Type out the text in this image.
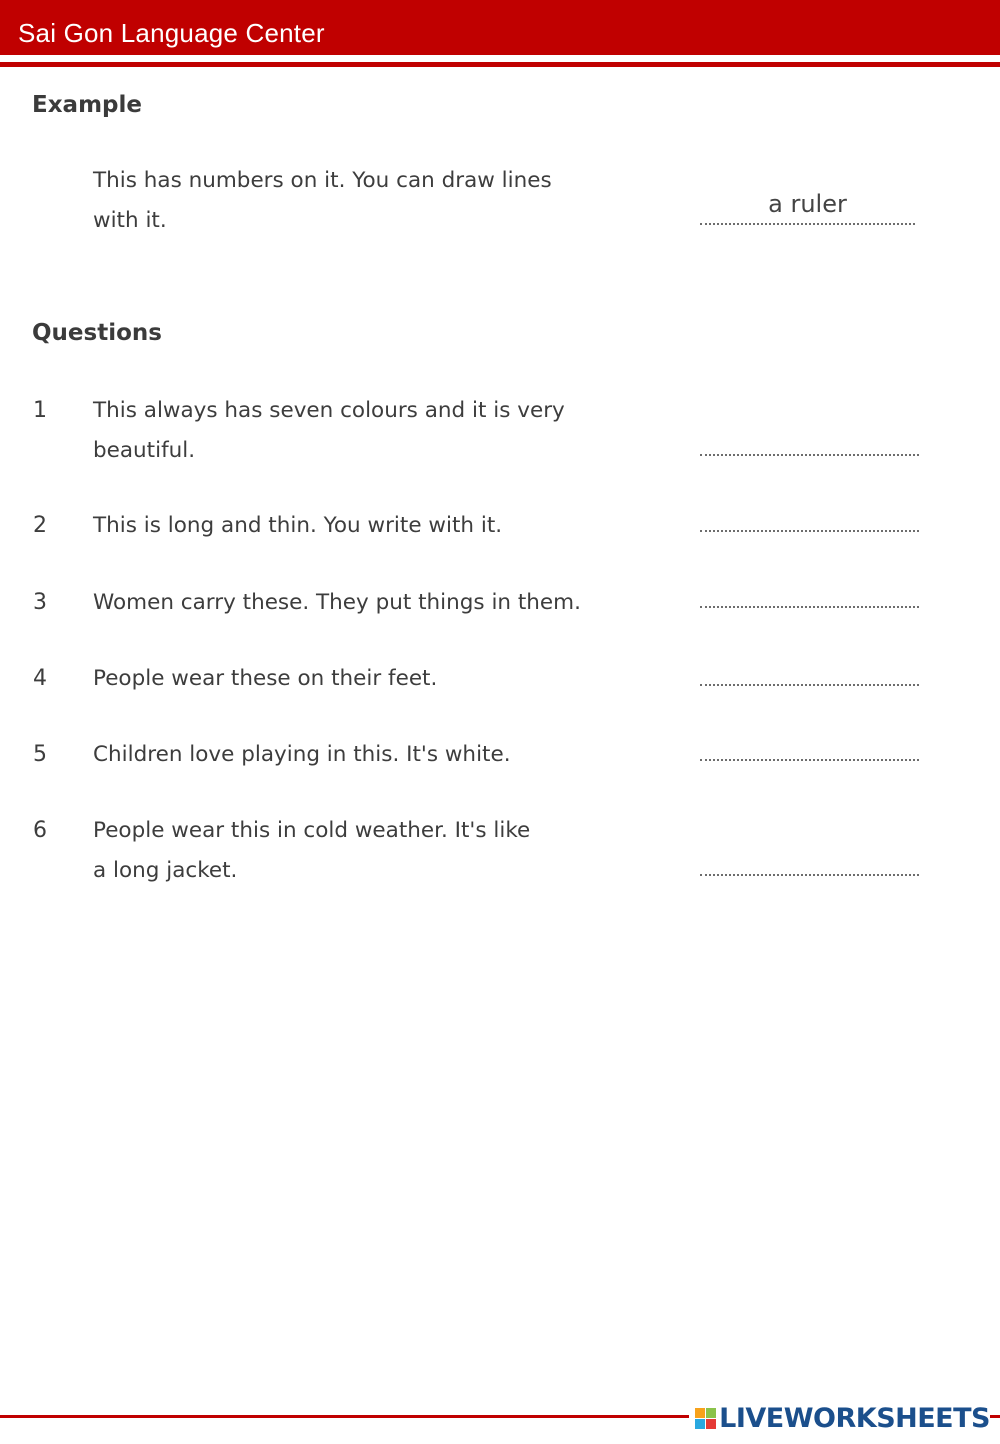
Sai Gon Language Center
Example
This has numbers on it. You can draw lines
with it.
a ruler
Questions
1 This always has seven colours and it is very
beautiful.
2 This is long and thin. You write with it.
3 Women carry these. They put things in them.
4 People wear these on their feet.
5 Children love playing in this. It's white.
6 People wear this in cold weather. It's like
a long jacket.
LIVEWORKSHEETS
